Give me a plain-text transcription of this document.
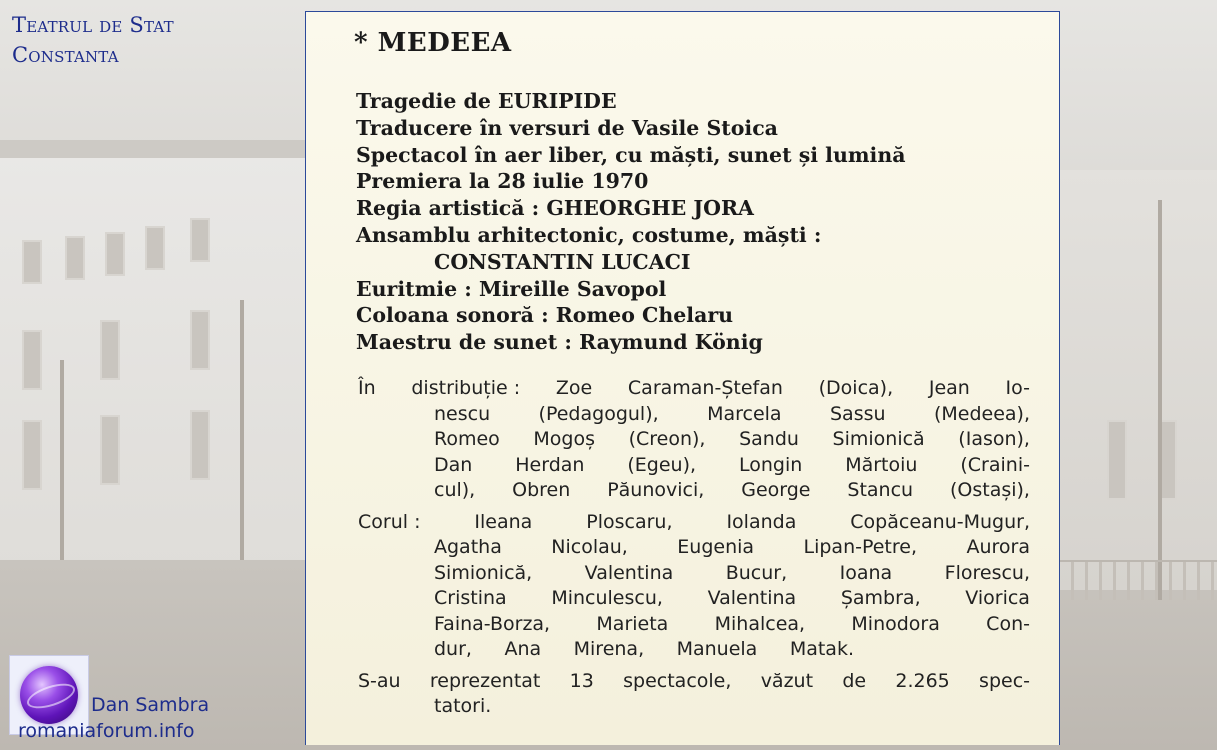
Teatrul de Stat
Constanta	* MEDEEA
Tragedie de EURIPIDE
Traducere în versuri de Vasile Stoica
Spectacol în aer liber, cu măști, sunet și lumină
Premiera la 28 iulie 1970
Regia artistică : GHEORGHE JORA
Ansamblu arhitectonic, costume, măști :
CONSTANTIN LUCACI
Euritmie : Mireille Savopol
Coloana sonoră : Romeo Chelaru
Maestru de sunet : Raymund König
În distribuție : Zoe Caraman-Ștefan (Doica), Jean Io-
nescu	(Pedagogul),	Marcela	Sassu	(Medeea),
Romeo Mogoș (Creon), Sandu Simionică (Iason),
Dan Herdan (Egeu), Longin Mărtoiu (Craini-
cul), Obren Păunovici, George Stancu (Ostași),
Corul :	Ileana	Ploscaru,	Iolanda	Copăceanu-Mugur,
Agatha	Nicolau,	Eugenia	Lipan-Petre,	Aurora
Simionică,	Valentina	Bucur,	Ioana	Florescu,
Cristina Minculescu, Valentina Șambra, Viorica
Faina-Borza, Marieta Mihalcea, Minodora Con-
dur, Ana Mirena, Manuela Matak.
S-au reprezentat 13 spectacole, văzut de 2.265 spec-
tatori.
Dan Sambra
romaniaforum.info
